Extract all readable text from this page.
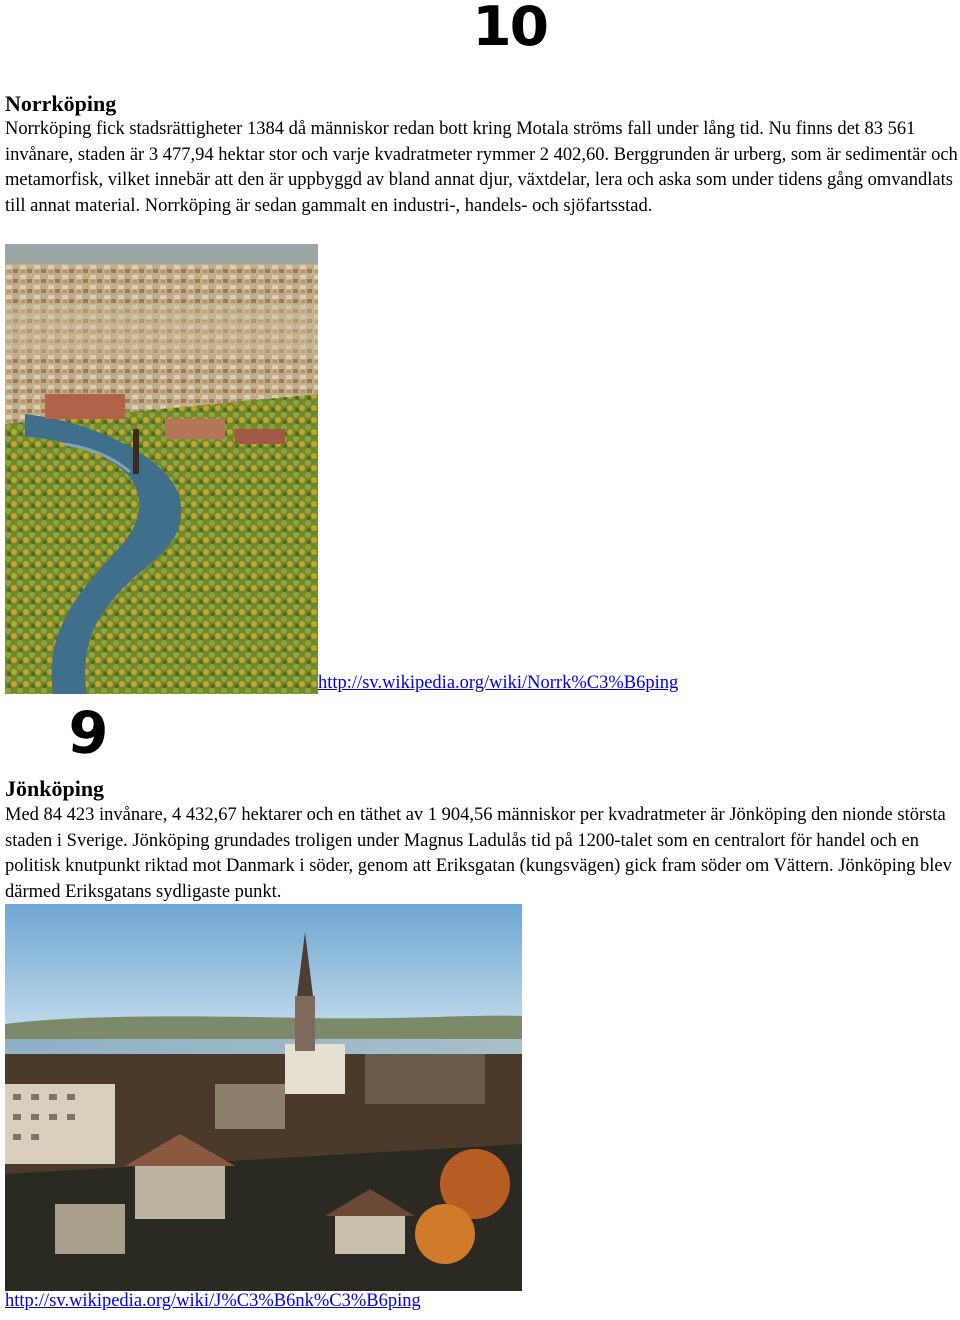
10
Norrköping

Norrköping fick stadsrättigheter 1384 då människor redan bott kring Motala ströms fall under lång tid. Nu finns det 83 561 invånare, staden är 3 477,94 hektar stor och varje kvadratmeter rymmer 2 402,60. Berggrunden är urberg, som är sedimentär och metamorfisk, vilket innebär att den är uppbyggd av bland annat djur, växtdelar, lera och aska som under tidens gång omvandlats till annat material. Norrköping är sedan gammalt en industri-, handels- och sjöfartsstad.

http://sv.wikipedia.org/wiki/Norrk%C3%B6ping
9
Jönköping

Med 84 423 invånare, 4 432,67 hektarer och en täthet av 1 904,56 människor per kvadratmeter är Jönköping den nionde största staden i Sverige. Jönköping grundades troligen under Magnus Ladulås tid på 1200-talet som en centralort för handel och en politisk knutpunkt riktad mot Danmark i söder, genom att Eriksgatan (kungsvägen) gick fram söder om Vättern. Jönköping blev därmed Eriksgatans sydligaste punkt.

http://sv.wikipedia.org/wiki/J%C3%B6nk%C3%B6ping
